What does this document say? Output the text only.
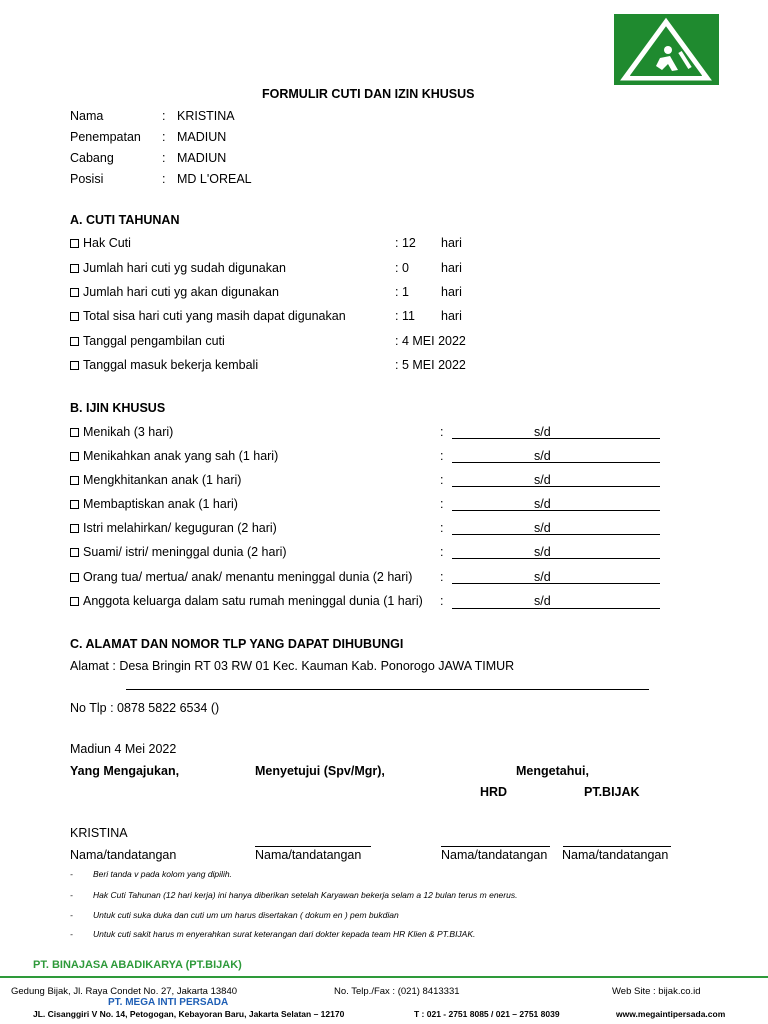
FORMULIR CUTI DAN IZIN KHUSUS
Nama	: KRISTINA
Penempatan : MADIUN
Cabang	: MADIUN
Posisi	: MD L'OREAL
A. CUTI TAHUNAN
Hak Cuti	: 12 hari
Jumlah hari cuti yg sudah digunakan	: 0	hari
Jumlah hari cuti yg akan digunakan	: 1	hari
Total sisa hari cuti yang masih dapat digunakan	: 11 hari
Tanggal pengambilan cuti	: 4 MEI 2022
Tanggal masuk bekerja kembali	: 5 MEI 2022
B. IJIN KHUSUS
Menikah (3 hari)	:	s/d
Menikahkan anak yang sah (1 hari)	:	s/d
Mengkhitankan anak (1 hari)	:	s/d
Membaptiskan anak (1 hari)	:	s/d
Istri melahirkan/ keguguran (2 hari)	:	s/d
Suami/ istri/ meninggal dunia (2 hari)	:	s/d
Orang tua/ mertua/ anak/ menantu meninggal dunia (2 hari) :	s/d
Anggota keluarga dalam satu rumah meninggal dunia (1 hari) :	s/d
C. ALAMAT DAN NOMOR TLP YANG DAPAT DIHUBUNGI
Alamat : Desa Bringin RT 03 RW 01 Kec. Kauman Kab. Ponorogo JAWA TIMUR
No Tlp : 0878 5822 6534 ()
Madiun 4 Mei 2022
Yang Mengajukan,	Menyetujui (Spv/Mgr),	Mengetahui,
HRD	PT.BIJAK
KRISTINA
Nama/tandatangan	Nama/tandatangan	Nama/tandatangan Nama/tandatangan
- Beri tanda v pada kolom yang dipilih.
- Hak Cuti Tahunan (12 hari kerja) ini hanya diberikan setelah Karyawan bekerja selam a 12 bulan terus m enerus.
- Untuk cuti suka duka dan cuti um um harus disertakan ( dokum en ) pem bukdian
- Untuk cuti sakit harus m enyerahkan surat keterangan dari dokter kepada team HR Klien & PT.BIJAK.
PT. BINAJASA ABADIKARYA (PT.BIJAK)
Gedung Bijak, Jl. Raya Condet No. 27, Jakarta 13840	No. Telp./Fax : (021) 8413331	Web Site : bijak.co.id
PT. MEGA INTI PERSADA
JL. Cisanggiri V No. 14, Petogogan, Kebayoran Baru, Jakarta Selatan – 12170	T : 021 - 2751 8085 / 021 – 2751 8039	www.megaintipersada.com
